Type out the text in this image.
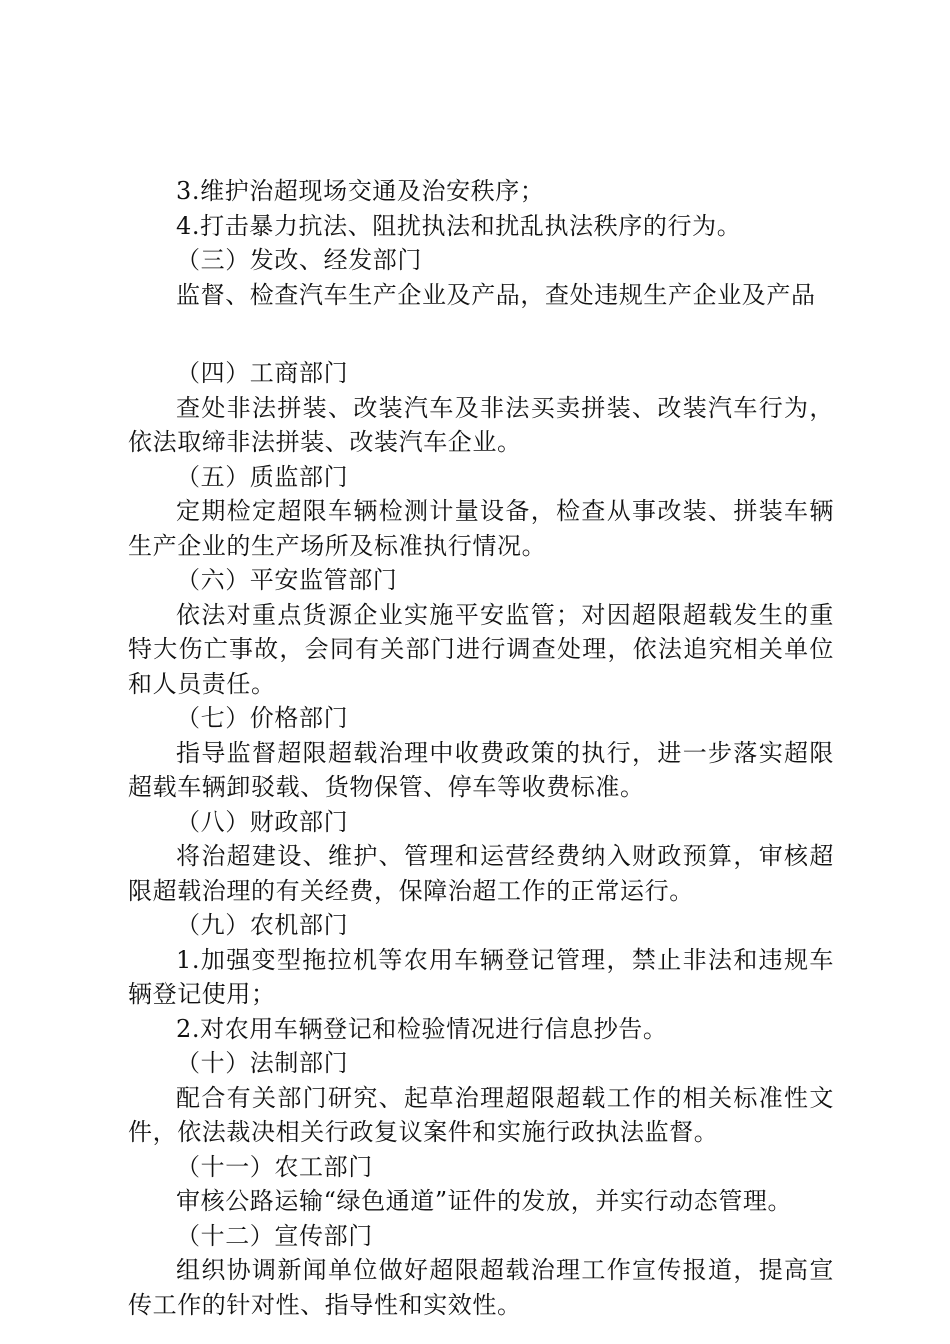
3.维护治超现场交通及治安秩序；

4.打击暴力抗法、阻扰执法和扰乱执法秩序的行为。

（三）发改、经发部门

监督、检查汽车生产企业及产品，查处违规生产企业及产品

（四）工商部门

查处非法拼装、改装汽车及非法买卖拼装、改装汽车行为，依法取缔非法拼装、改装汽车企业。

（五）质监部门

定期检定超限车辆检测计量设备，检查从事改装、拼装车辆生产企业的生产场所及标准执行情况。

（六）平安监管部门

依法对重点货源企业实施平安监管；对因超限超载发生的重特大伤亡事故，会同有关部门进行调查处理，依法追究相关单位和人员责任。

（七）价格部门

指导监督超限超载治理中收费政策的执行，进一步落实超限超载车辆卸驳载、货物保管、停车等收费标准。

（八）财政部门

将治超建设、维护、管理和运营经费纳入财政预算，审核超限超载治理的有关经费，保障治超工作的正常运行。

（九）农机部门

1.加强变型拖拉机等农用车辆登记管理，禁止非法和违规车辆登记使用；

2.对农用车辆登记和检验情况进行信息抄告。

（十）法制部门

配合有关部门研究、起草治理超限超载工作的相关标准性文件，依法裁决相关行政复议案件和实施行政执法监督。

（十一）农工部门

审核公路运输“绿色通道”证件的发放，并实行动态管理。

（十二）宣传部门

组织协调新闻单位做好超限超载治理工作宣传报道，提高宣传工作的针对性、指导性和实效性。
